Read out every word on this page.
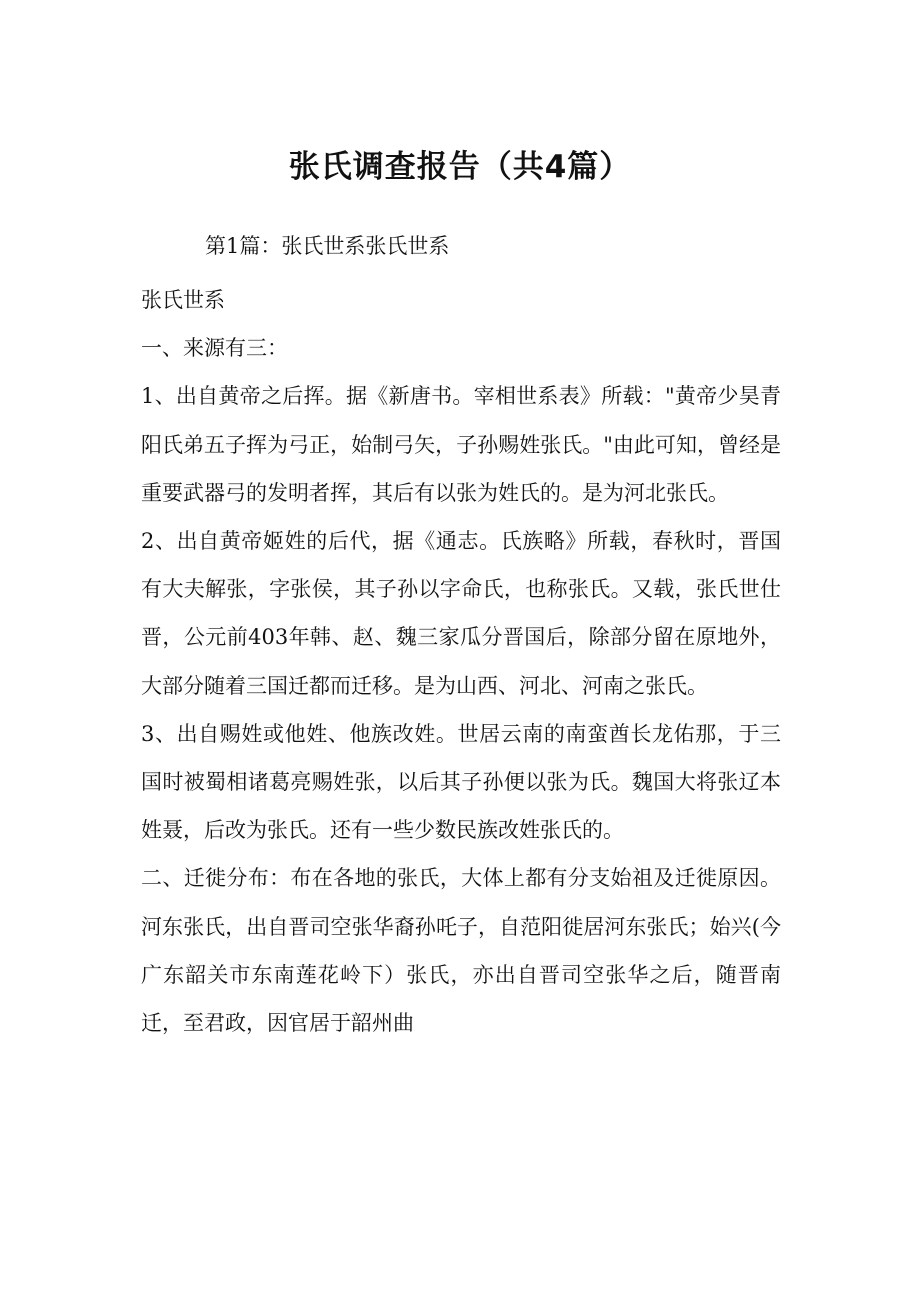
张氏调查报告（共4篇）
第1篇：张氏世系张氏世系

张氏世系

一、来源有三：

1、出自黄帝之后挥。据《新唐书。宰相世系表》所载："黄帝少昊青阳氏弟五子挥为弓正，始制弓矢，子孙赐姓张氏。"由此可知，曾经是重要武器弓的发明者挥，其后有以张为姓氏的。是为河北张氏。

2、出自黄帝姬姓的后代，据《通志。氏族略》所载，春秋时，晋国有大夫解张，字张侯，其子孙以字命氏，也称张氏。又载，张氏世仕晋，公元前403年韩、赵、魏三家瓜分晋国后，除部分留在原地外，大部分随着三国迁都而迁移。是为山西、河北、河南之张氏。

3、出自赐姓或他姓、他族改姓。世居云南的南蛮酋长龙佑那，于三国时被蜀相诸葛亮赐姓张，以后其子孙便以张为氏。魏国大将张辽本姓聂，后改为张氏。还有一些少数民族改姓张氏的。

二、迁徙分布：布在各地的张氏，大体上都有分支始祖及迁徙原因。 河东张氏，出自晋司空张华裔孙吒子，自范阳徙居河东张氏；始兴(今广东韶关市东南莲花岭下）张氏，亦出自晋司空张华之后，随晋南迁，至君政，因官居于韶州曲
